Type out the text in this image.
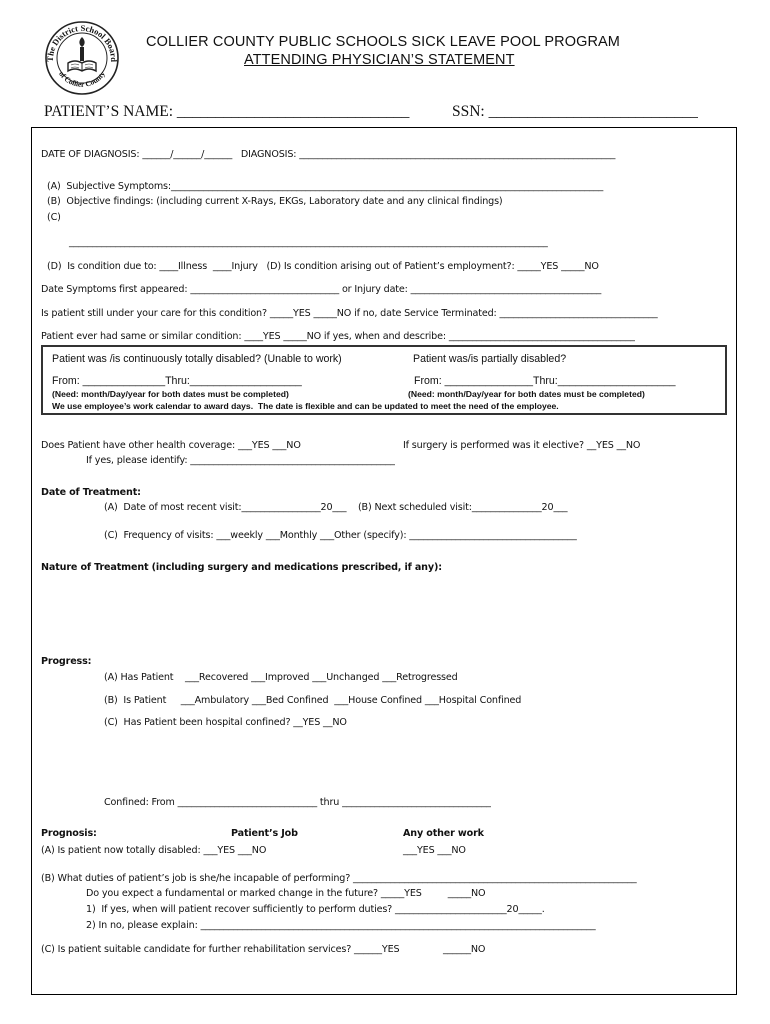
The District School Board
of Collier County
COLLIER COUNTY PUBLIC SCHOOLS SICK LEAVE POOL PROGRAM
ATTENDING PHYSICIAN’S STATEMENT
PATIENT’S NAME: ______________________________	SSN: ___________________________
DATE OF DIAGNOSIS: ______/______/______   DIAGNOSIS: ____________________________________________________________________
(A)  Subjective Symptoms:_____________________________________________________________________________________________
(B)  Objective findings: (including current X-Rays, EKGs, Laboratory date and any clinical findings)
(C)
_______________________________________________________________________________________________________
(D)  Is condition due to: ____Illness  ____Injury   (D) Is condition arising out of Patient’s employment?: _____YES _____NO
Date Symptoms first appeared: ________________________________ or Injury date: _________________________________________
Is patient still under your care for this condition? _____YES _____NO if no, date Service Terminated: __________________________________
Patient ever had same or similar condition: ____YES _____NO if yes, when and describe: ________________________________________
Patient was /is continuously totally disabled? (Unable to work)	Patient was/is partially disabled?
From: ______________Thru:___________________	From: _______________Thru:____________________
(Need: month/Day/year for both dates must be completed)	(Need: month/Day/year for both dates must be completed)
We use employee’s work calendar to award days.  The date is flexible and can be updated to meet the need of the employee.
Does Patient have other health coverage: ___YES ___NO	If surgery is performed was it elective? __YES __NO
If yes, please identify: ____________________________________________
Date of Treatment:
(A)  Date of most recent visit:_________________20___    (B) Next scheduled visit:_______________20___
(C)  Frequency of visits: ___weekly ___Monthly ___Other (specify): ____________________________________
Nature of Treatment (including surgery and medications prescribed, if any):
Progress:
(A) Has Patient    ___Recovered ___Improved ___Unchanged ___Retrogressed
(B)  Is Patient     ___Ambulatory ___Bed Confined  ___House Confined ___Hospital Confined
(C)  Has Patient been hospital confined? __YES __NO
Confined: From ______________________________ thru ________________________________
Prognosis:	Patient’s Job	Any other work
(A) Is patient now totally disabled: ___YES ___NO	___YES ___NO
(B) What duties of patient’s job is she/he incapable of performing? _____________________________________________________________
Do you expect a fundamental or marked change in the future? _____YES         _____NO
1)  If yes, when will patient recover sufficiently to perform duties? ________________________20_____.
2) In no, please explain: _____________________________________________________________________________________
(C) Is patient suitable candidate for further rehabilitation services? ______YES               ______NO
